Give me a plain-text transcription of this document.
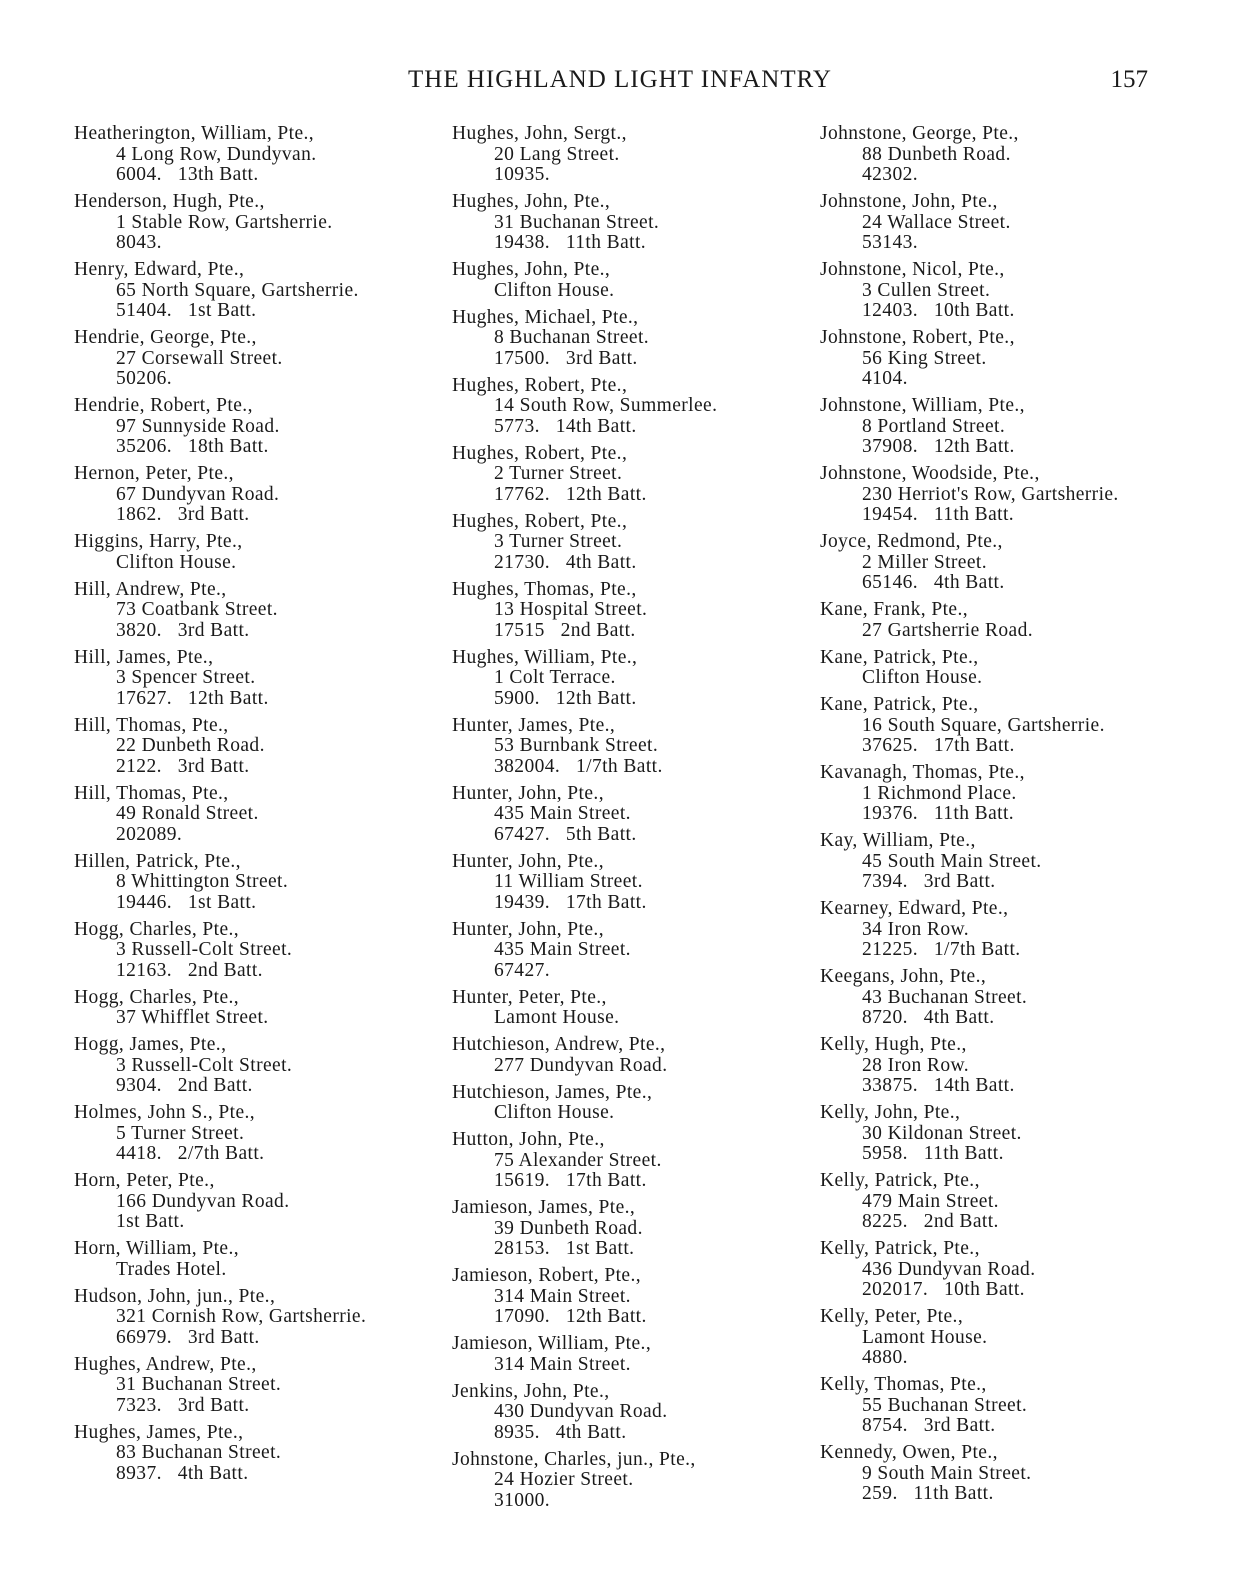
THE HIGHLAND LIGHT INFANTRY	157
Heatherington, William, Pte.,
4 Long Row, Dundyvan.
6004.   13th Batt.
Henderson, Hugh, Pte.,
1 Stable Row, Gartsherrie.
8043.
Henry, Edward, Pte.,
65 North Square, Gartsherrie.
51404.   1st Batt.
Hendrie, George, Pte.,
27 Corsewall Street.
50206.
Hendrie, Robert, Pte.,
97 Sunnyside Road.
35206.   18th Batt.
Hernon, Peter, Pte.,
67 Dundyvan Road.
1862.   3rd Batt.
Higgins, Harry, Pte.,
Clifton House.
Hill, Andrew, Pte.,
73 Coatbank Street.
3820.   3rd Batt.
Hill, James, Pte.,
3 Spencer Street.
17627.   12th Batt.
Hill, Thomas, Pte.,
22 Dunbeth Road.
2122.   3rd Batt.
Hill, Thomas, Pte.,
49 Ronald Street.
202089.
Hillen, Patrick, Pte.,
8 Whittington Street.
19446.   1st Batt.
Hogg, Charles, Pte.,
3 Russell-Colt Street.
12163.   2nd Batt.
Hogg, Charles, Pte.,
37 Whifflet Street.
Hogg, James, Pte.,
3 Russell-Colt Street.
9304.   2nd Batt.
Holmes, John S., Pte.,
5 Turner Street.
4418.   2/7th Batt.
Horn, Peter, Pte.,
166 Dundyvan Road.
1st Batt.
Horn, William, Pte.,
Trades Hotel.
Hudson, John, jun., Pte.,
321 Cornish Row, Gartsherrie.
66979.   3rd Batt.
Hughes, Andrew, Pte.,
31 Buchanan Street.
7323.   3rd Batt.
Hughes, James, Pte.,
83 Buchanan Street.
8937.   4th Batt.
Hughes, John, Sergt.,
20 Lang Street.
10935.
Hughes, John, Pte.,
31 Buchanan Street.
19438.   11th Batt.
Hughes, John, Pte.,
Clifton House.
Hughes, Michael, Pte.,
8 Buchanan Street.
17500.   3rd Batt.
Hughes, Robert, Pte.,
14 South Row, Summerlee.
5773.   14th Batt.
Hughes, Robert, Pte.,
2 Turner Street.
17762.   12th Batt.
Hughes, Robert, Pte.,
3 Turner Street.
21730.   4th Batt.
Hughes, Thomas, Pte.,
13 Hospital Street.
17515   2nd Batt.
Hughes, William, Pte.,
1 Colt Terrace.
5900.   12th Batt.
Hunter, James, Pte.,
53 Burnbank Street.
382004.   1/7th Batt.
Hunter, John, Pte.,
435 Main Street.
67427.   5th Batt.
Hunter, John, Pte.,
11 William Street.
19439.   17th Batt.
Hunter, John, Pte.,
435 Main Street.
67427.
Hunter, Peter, Pte.,
Lamont House.
Hutchieson, Andrew, Pte.,
277 Dundyvan Road.
Hutchieson, James, Pte.,
Clifton House.
Hutton, John, Pte.,
75 Alexander Street.
15619.   17th Batt.
Jamieson, James, Pte.,
39 Dunbeth Road.
28153.   1st Batt.
Jamieson, Robert, Pte.,
314 Main Street.
17090.   12th Batt.
Jamieson, William, Pte.,
314 Main Street.
Jenkins, John, Pte.,
430 Dundyvan Road.
8935.   4th Batt.
Johnstone, Charles, jun., Pte.,
24 Hozier Street.
31000.
Johnstone, George, Pte.,
88 Dunbeth Road.
42302.
Johnstone, John, Pte.,
24 Wallace Street.
53143.
Johnstone, Nicol, Pte.,
3 Cullen Street.
12403.   10th Batt.
Johnstone, Robert, Pte.,
56 King Street.
4104.
Johnstone, William, Pte.,
8 Portland Street.
37908.   12th Batt.
Johnstone, Woodside, Pte.,
230 Herriot's Row, Gartsherrie.
19454.   11th Batt.
Joyce, Redmond, Pte.,
2 Miller Street.
65146.   4th Batt.
Kane, Frank, Pte.,
27 Gartsherrie Road.
Kane, Patrick, Pte.,
Clifton House.
Kane, Patrick, Pte.,
16 South Square, Gartsherrie.
37625.   17th Batt.
Kavanagh, Thomas, Pte.,
1 Richmond Place.
19376.   11th Batt.
Kay, William, Pte.,
45 South Main Street.
7394.   3rd Batt.
Kearney, Edward, Pte.,
34 Iron Row.
21225.   1/7th Batt.
Keegans, John, Pte.,
43 Buchanan Street.
8720.   4th Batt.
Kelly, Hugh, Pte.,
28 Iron Row.
33875.   14th Batt.
Kelly, John, Pte.,
30 Kildonan Street.
5958.   11th Batt.
Kelly, Patrick, Pte.,
479 Main Street.
8225.   2nd Batt.
Kelly, Patrick, Pte.,
436 Dundyvan Road.
202017.   10th Batt.
Kelly, Peter, Pte.,
Lamont House.
4880.
Kelly, Thomas, Pte.,
55 Buchanan Street.
8754.   3rd Batt.
Kennedy, Owen, Pte.,
9 South Main Street.
259.   11th Batt.
